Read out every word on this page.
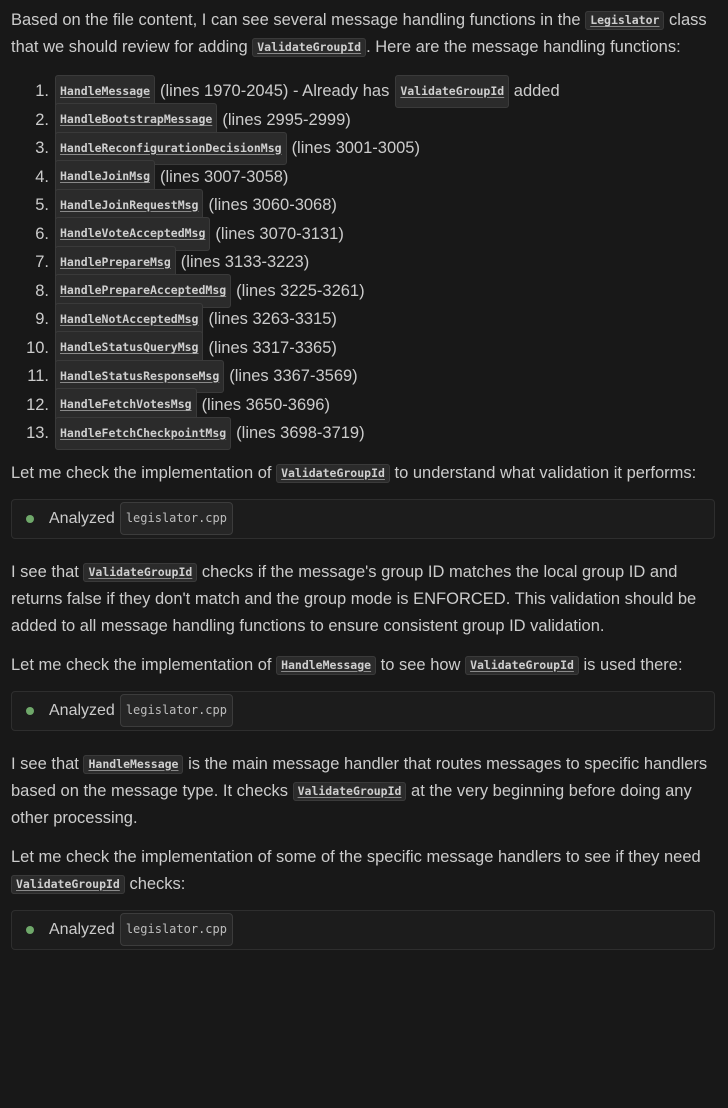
Based on the file content, I can see several message handling functions in the Legislator class that we should review for adding ValidateGroupId . Here are the message handling functions:

1. HandleMessage (lines 1970-2045) - Already has ValidateGroupId added
2. HandleBootstrapMessage (lines 2995-2999)
3. HandleReconfigurationDecisionMsg (lines 3001-3005)
4. HandleJoinMsg (lines 3007-3058)
5. HandleJoinRequestMsg (lines 3060-3068)
6. HandleVoteAcceptedMsg (lines 3070-3131)
7. HandlePrepareMsg (lines 3133-3223)
8. HandlePrepareAcceptedMsg (lines 3225-3261)
9. HandleNotAcceptedMsg (lines 3263-3315)
10. HandleStatusQueryMsg (lines 3317-3365)
11. HandleStatusResponseMsg (lines 3367-3569)
12. HandleFetchVotesMsg (lines 3650-3696)
13. HandleFetchCheckpointMsg (lines 3698-3719)

Let me check the implementation of ValidateGroupId to understand what validation it performs:

Analyzed legislator.cpp

I see that ValidateGroupId checks if the message's group ID matches the local group ID and returns false if they don't match and the group mode is ENFORCED. This validation should be added to all message handling functions to ensure consistent group ID validation.

Let me check the implementation of HandleMessage to see how ValidateGroupId is used there:

Analyzed legislator.cpp

I see that HandleMessage is the main message handler that routes messages to specific handlers based on the message type. It checks ValidateGroupId at the very beginning before doing any other processing.

Let me check the implementation of some of the specific message handlers to see if they need ValidateGroupId checks:

Analyzed legislator.cpp
